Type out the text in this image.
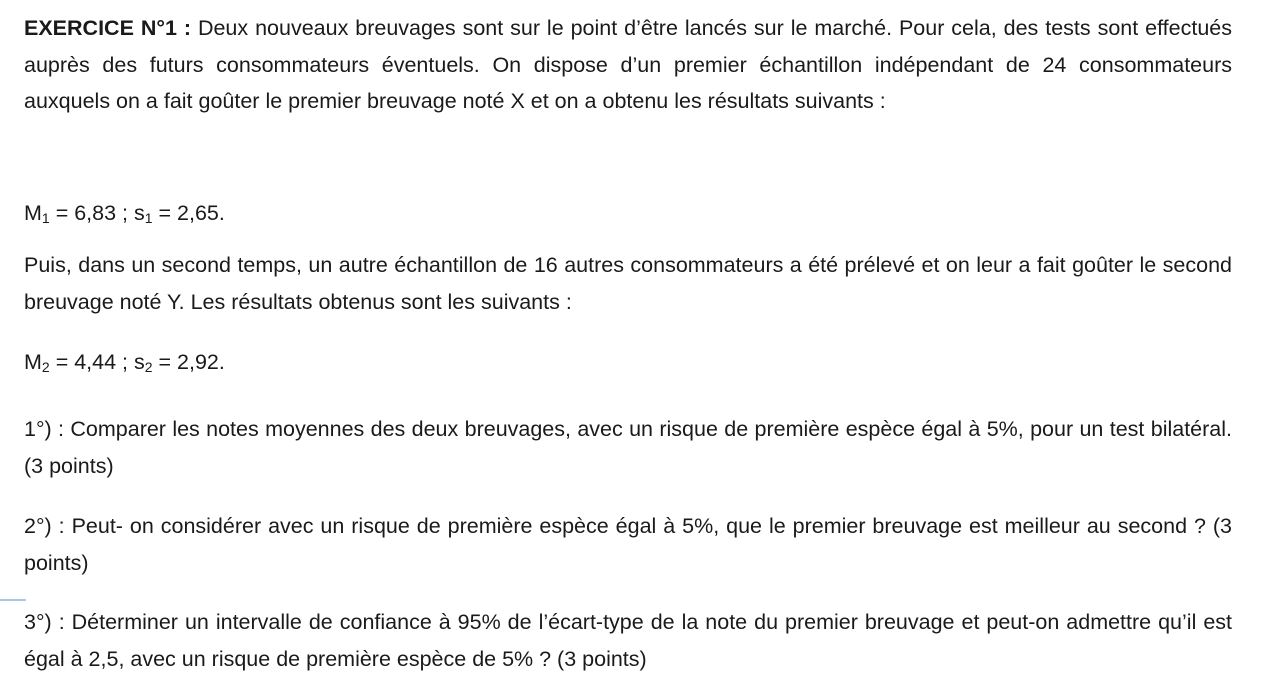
EXERCICE N°1 : Deux nouveaux breuvages sont sur le point d’être lancés sur le marché. Pour cela, des tests sont effectués auprès des futurs consommateurs éventuels. On dispose d’un premier échantillon indépendant de 24 consommateurs auxquels on a fait goûter le premier breuvage noté X et on a obtenu les résultats suivants :

$M_1 = 6,83$ ; $s_1 = 2,65$.

Puis, dans un second temps, un autre échantillon de 16 autres consommateurs a été prélevé et on leur a fait goûter le second breuvage noté Y. Les résultats obtenus sont les suivants :

$M_2 = 4,44$ ; $s_2 = 2,92$.

1°) : Comparer les notes moyennes des deux breuvages, avec un risque de première espèce égal à 5%, pour un test bilatéral. (3 points)

2°) : Peut- on considérer avec un risque de première espèce égal à 5%, que le premier breuvage est meilleur au second ? (3 points)

3°) : Déterminer un intervalle de confiance à 95% de l’écart-type de la note du premier breuvage et peut-on admettre qu’il est égal à 2,5, avec un risque de première espèce de 5% ? (3 points)
